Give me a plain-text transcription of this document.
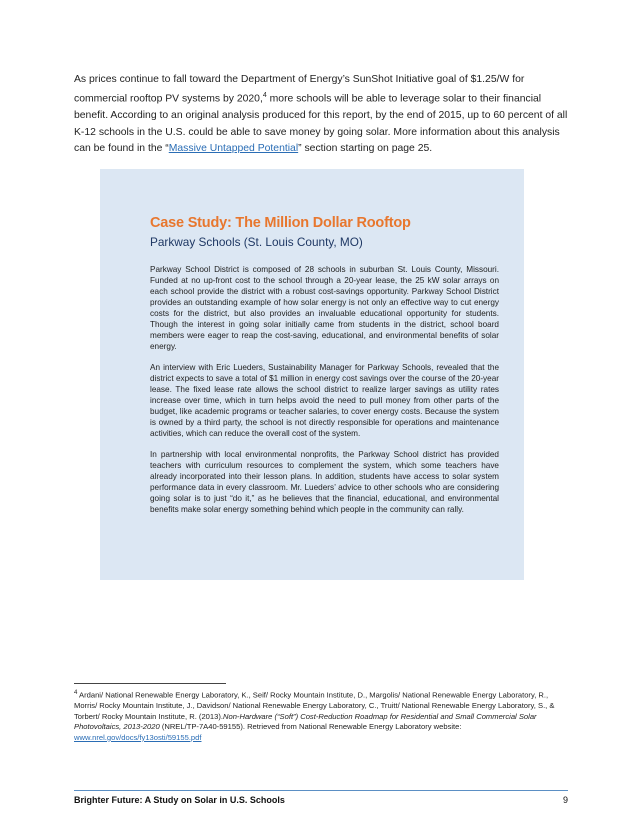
As prices continue to fall toward the Department of Energy’s SunShot Initiative goal of $1.25/W for commercial rooftop PV systems by 2020,$^4$ more schools will be able to leverage solar to their financial benefit. According to an original analysis produced for this report, by the end of 2015, up to 60 percent of all K-12 schools in the U.S. could be able to save money by going solar. More information about this analysis can be found in the “Massive Untapped Potential” section starting on page 25.
Case Study: The Million Dollar Rooftop
Parkway Schools (St. Louis County, MO)

Parkway School District is composed of 28 schools in suburban St. Louis County, Missouri. Funded at no up-front cost to the school through a 20-year lease, the 25 kW solar arrays on each school provide the district with a robust cost-savings opportunity. Parkway School District provides an outstanding example of how solar energy is not only an effective way to cut energy costs for the district, but also provides an invaluable educational opportunity for students. Though the interest in going solar initially came from students in the district, school board members were eager to reap the cost-saving, educational, and environmental benefits of solar energy.

An interview with Eric Lueders, Sustainability Manager for Parkway Schools, revealed that the district expects to save a total of $1 million in energy cost savings over the course of the 20-year lease. The fixed lease rate allows the school district to realize larger savings as utility rates increase over time, which in turn helps avoid the need to pull money from other parts of the budget, like academic programs or teacher salaries, to cover energy costs. Because the system is owned by a third party, the school is not directly responsible for operations and maintenance activities, which can reduce the overall cost of the system.

In partnership with local environmental nonprofits, the Parkway School district has provided teachers with curriculum resources to complement the system, which some teachers have already incorporated into their lesson plans. In addition, students have access to solar system performance data in every classroom. Mr. Lueders’ advice to other schools who are considering going solar is to just “do it,” as he believes that the financial, educational, and environmental benefits make solar energy something behind which people in the community can rally.

$^4$ Ardani/ National Renewable Energy Laboratory, K., Seif/ Rocky Mountain Institute, D., Margolis/ National Renewable Energy Laboratory, R., Morris/ Rocky Mountain Institute, J., Davidson/ National Renewable Energy Laboratory, C., Truitt/ National Renewable Energy Laboratory, S., & Torbert/ Rocky Mountain Institute, R. (2013).Non-Hardware (“Soft”) Cost-Reduction Roadmap for Residential and Small Commercial Solar Photovoltaics, 2013-2020 (NREL/TP-7A40-59155). Retrieved from National Renewable Energy Laboratory website: www.nrel.gov/docs/fy13osti/59155.pdf
Brighter Future: A Study on Solar in U.S. Schools	9
